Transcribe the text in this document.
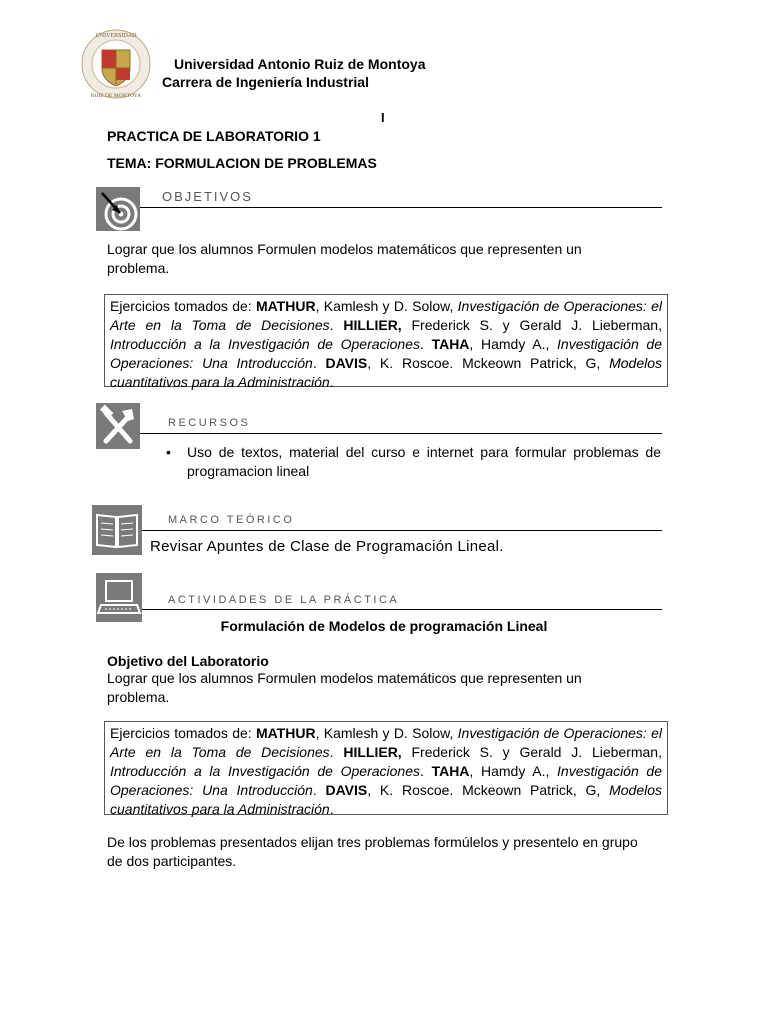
UNIVERSIDAD
RUIZ DE MONTOYA
Universidad Antonio Ruiz de Montoya
Carrera de Ingeniería Industrial
I
PRACTICA DE LABORATORIO 1
TEMA: FORMULACION DE PROBLEMAS
OBJETIVOS
Lograr que los alumnos Formulen modelos matemáticos que representen un problema.
Ejercicios tomados de: MATHUR, Kamlesh y D. Solow, Investigación de Operaciones: el Arte en la Toma de Decisiones. HILLIER, Frederick S. y Gerald J. Lieberman, Introducción a la Investigación de Operaciones. TAHA, Hamdy A., Investigación de Operaciones: Una Introducción. DAVIS, K. Roscoe. Mckeown Patrick, G, Modelos cuantitativos para la Administración.
RECURSOS
• Uso de textos, material del curso e internet para formular problemas de programacion lineal
MARCO TEÓRICO
Revisar Apuntes de Clase de Programación Lineal.
ACTIVIDADES DE LA PRÁCTICA
Formulación de Modelos de programación Lineal
Objetivo del Laboratorio
Lograr que los alumnos Formulen modelos matemáticos que representen un problema.
Ejercicios tomados de: MATHUR, Kamlesh y D. Solow, Investigación de Operaciones: el Arte en la Toma de Decisiones. HILLIER, Frederick S. y Gerald J. Lieberman, Introducción a la Investigación de Operaciones. TAHA, Hamdy A., Investigación de Operaciones: Una Introducción. DAVIS, K. Roscoe. Mckeown Patrick, G, Modelos cuantitativos para la Administración.
De los problemas presentados elijan tres problemas formúlelos y presentelo en grupo de dos participantes.
